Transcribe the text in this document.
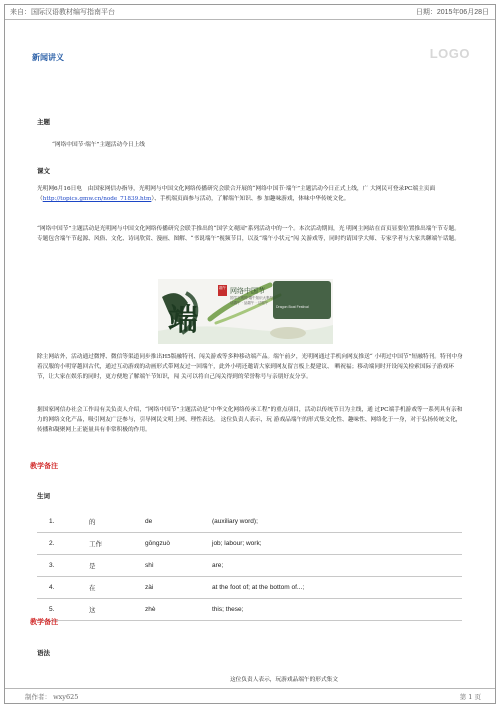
来自：国际汉语教材编写指南平台	日期：2015年06月28日
制作者： wxy625	第 1 页
LOGO
新闻讲义
主题
“网络中国节·端午”主题活动今日上线
课文
光明网6月16日电　由国家网信办指导，光明网与中国文化网络传播研究会联合开展的“网络中国节·端午”主题活动今日正式上线，广 大网民可登录PC端主页面（http://topics.gmw.cn/node_71839.htm）、手机端页面参与活动，了解端午知识、参 加趣味游戏，体味中华传统文化。
“网络中国节”主题活动是光明网与中国文化网络传播研究会联手推出的“国学文观园”系列活动中的一个。本次活动期间，光 明网主网站在首页显要位置推出端午节专题。专题包含端午节起源、风俗、文化、诗词欣赏、漫画、图解、“书说端午”视频节目，以及“端午小状元”闯 关游戏等，同时约请国学大师、专家学者与大家共聊端午话题。
端
端午 网络中国节
国学文观园·端午知识大集结
话端午 · 品端午 · 过端午
Dragon Boat Festival
除主网站外，活动通过微博、微信等渠道同步推出H5版融特刊、闯关游戏等多种移动端产品。端午前夕，光明网通过手机向网友推送“ 小明过中国节”短融特刊。特刊中身着汉服的小明穿越回古代，通过互动游戏的动画形式带网友过一回端午，此外小明还邀请大家到网友留言板上提建议、 晒祝福；移动端同时开设闯关检索国际子游戏环节，让大家在娱乐的同时，更方便地了解端午节知识，闯 关可以将自己闯关得到的荣誉称号与亲朋好友分享。
据国家网信办社会工作局有关负责人介绍，“网络中国节”主题活动是“中华文化网络传承工程”的重点项目，活动以传统节日为主线，通 过PC端手机游戏等一系列具有亲和力的网络文化产品，吸引网友广泛参与，引导网民文明上网、理性表达。 这位负责人表示，玩 游戏品端午的形式集文化性、趣味性、网络化于一身，对于弘扬传统文化，传播和凝聚网上正能量具有非常积极的作用。
教学备注
生词
1.	的	de	(auxiliary word);
2.	工作	gōngzuò	job; labour; work;
3.	是	shì	are;
4.	在	zài	at the foot of; at the bottom of...;
5.	这	zhè	this; these;
教学备注
语法
这位负责人表示，玩游戏品端午的形式集文
